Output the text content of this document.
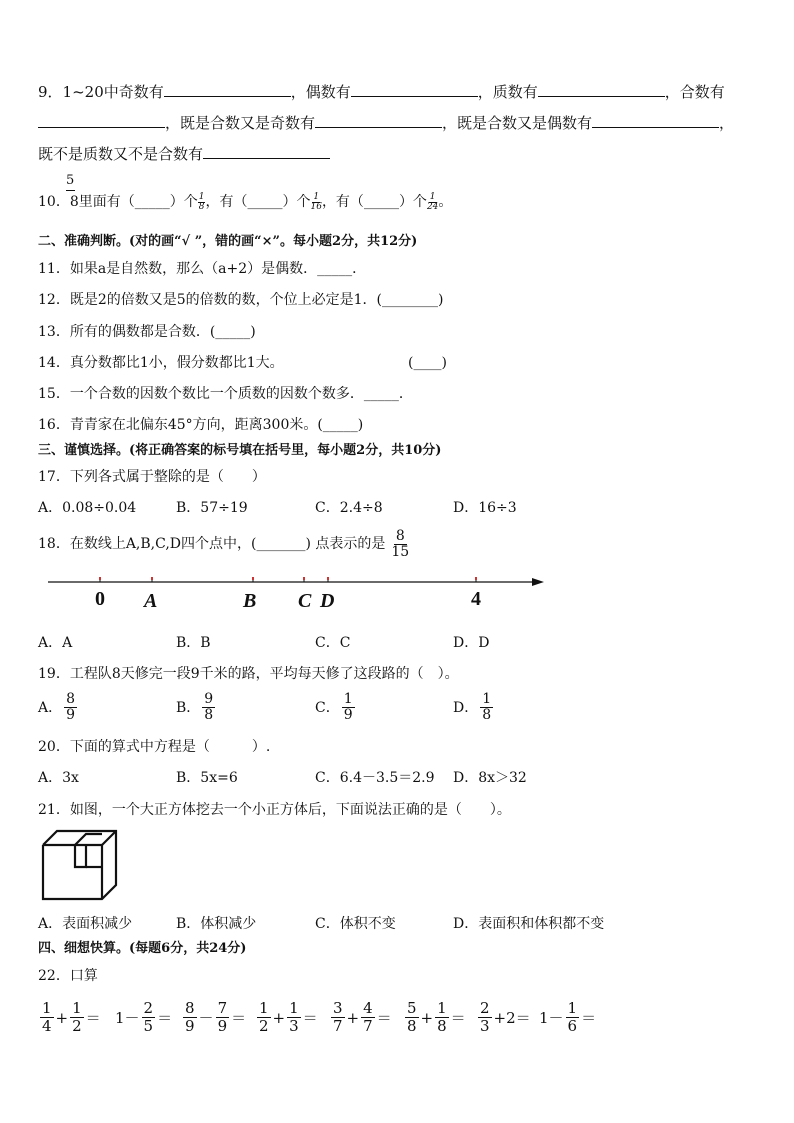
9．1~20中奇数有	，偶数有	，质数有	，合数有
，既是合数又是奇数有	，既是合数又是偶数有	，
既不是质数又不是合数有
5
10．8里面有（_____）个 $\frac{1}{8}$ ，有（_____）个 $\frac{1}{16}$ ，有（_____）个 $\frac{1}{24}$ 。
二、准确判断。(对的画“√ ”，错的画“×”。每小题2分，共12分)
11．如果a是自然数，那么（a+2）是偶数．_____．
12．既是2的倍数又是5的倍数的数，个位上必定是1．(________)
13．所有的偶数都是合数．(_____)
14．真分数都比1小，假分数都比1大。	(____)
15．一个合数的因数个数比一个质数的因数个数多．_____．
16．青青家在北偏东45°方向，距离300米。(_____)
三、谨慎选择。(将正确答案的标号填在括号里，每小题2分，共10分)
17．下列各式属于整除的是（　　）
A．0.08÷0.04	B．57÷19	C．2.4÷8	D．16÷3
18．在数线上A,B,C,D四个点中，(_______) 点表示的是 $\frac{8}{15}$
0 A	B C D	4
A．A	B．B	C．C	D．D
19．工程队8天修完一段9千米的路，平均每天修了这段路的（　）。
A． $\frac{8}{9}$	B． $\frac{9}{8}$	C． $\frac{1}{9}$	D． $\frac{1}{8}$
20．下面的算式中方程是（　　　）.
A．3x	B．5x=6	C．6.4－3.5＝2.9 D．8x＞32
21．如图，一个大正方体挖去一个小正方体后，下面说法正确的是（　　）。
A．表面积减少	B．体积减少	C．体积不变	D．表面积和体积都不变
四、细想快算。(每题6分，共24分)
22．口算
$\frac{1}{4} + \frac{1}{2} = 1- \frac{2}{5} = \frac{8}{9} - \frac{7}{9} = \frac{1}{2} + \frac{1}{3} = \frac{3}{7} + \frac{4}{7} = \frac{5}{8} + \frac{1}{8} = \frac{2}{3} +2= 1- \frac{1}{6}$ ＝
